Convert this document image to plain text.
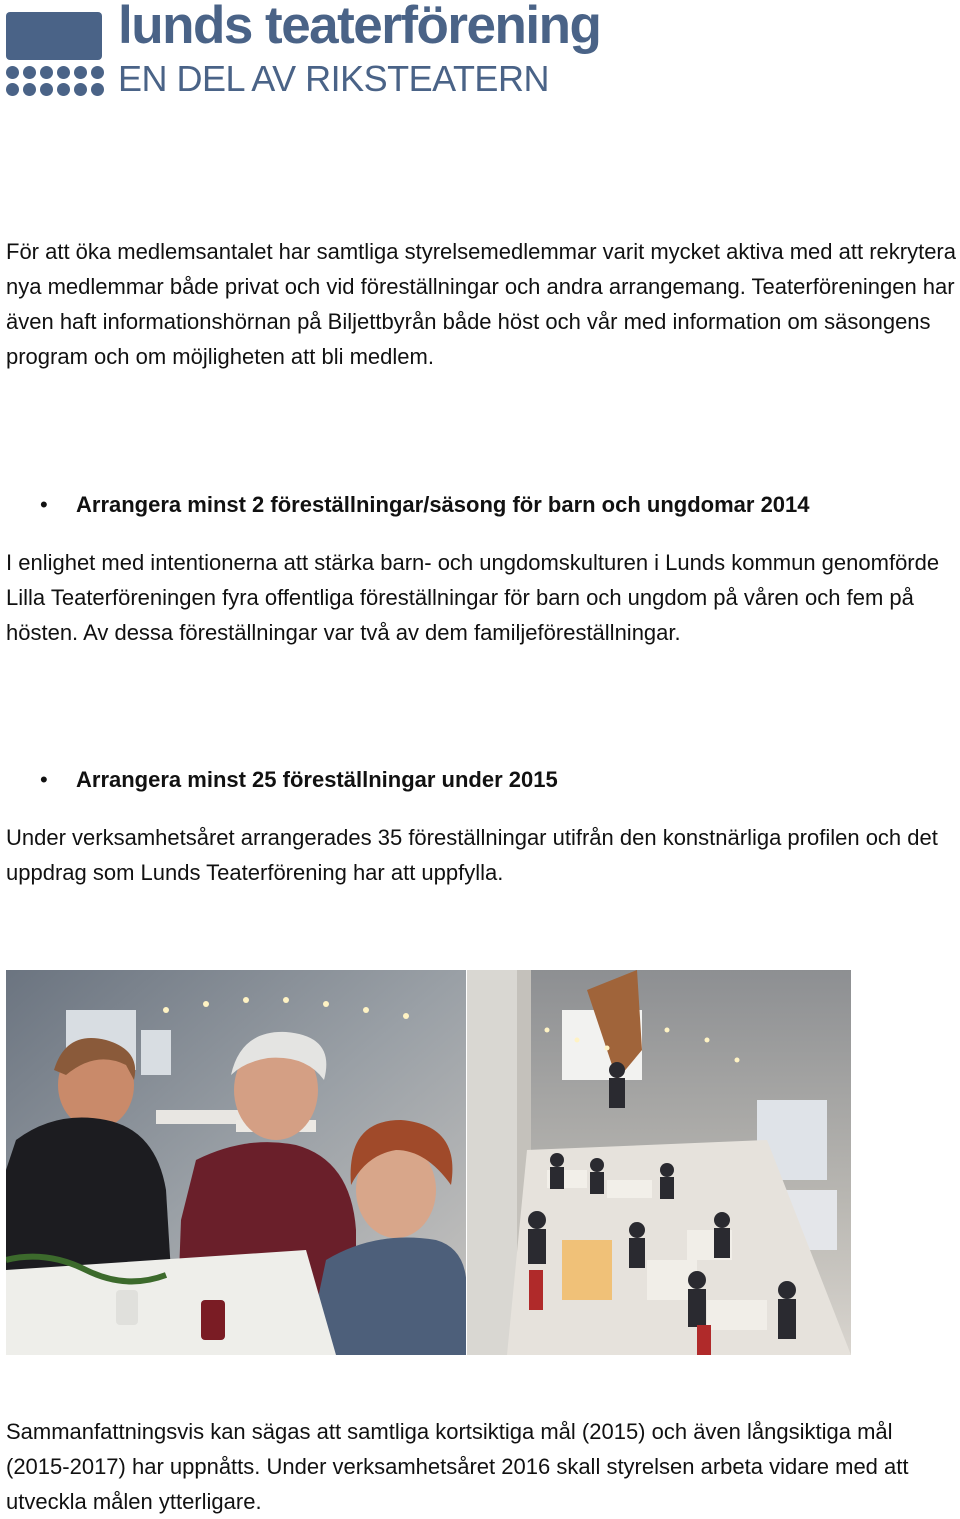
lunds teaterförening
EN DEL AV RIKSTEATERN

För att öka medlemsantalet har samtliga styrelsemedlemmar varit mycket aktiva med att rekrytera nya medlemmar både privat och vid föreställningar och andra arrangemang. Teaterföreningen har även haft informationshörnan på Biljettbyrån både höst och vår med information om säsongens program och om möjligheten att bli medlem.

• Arrangera minst 2 föreställningar/säsong för barn och ungdomar 2014

I enlighet med intentionerna att stärka barn- och ungdomskulturen i Lunds kommun genomförde Lilla Teaterföreningen fyra offentliga föreställningar för barn och ungdom på våren och fem på hösten. Av dessa föreställningar var två av dem familjeföreställningar.

• Arrangera minst 25 föreställningar under 2015

Under verksamhetsåret arrangerades 35 föreställningar utifrån den konstnärliga profilen och det uppdrag som Lunds Teaterförening har att uppfylla.

Sammanfattningsvis kan sägas att samtliga kortsiktiga mål (2015) och även långsiktiga mål (2015-2017) har uppnåtts. Under verksamhetsåret 2016 skall styrelsen arbeta vidare med att utveckla målen ytterligare.
